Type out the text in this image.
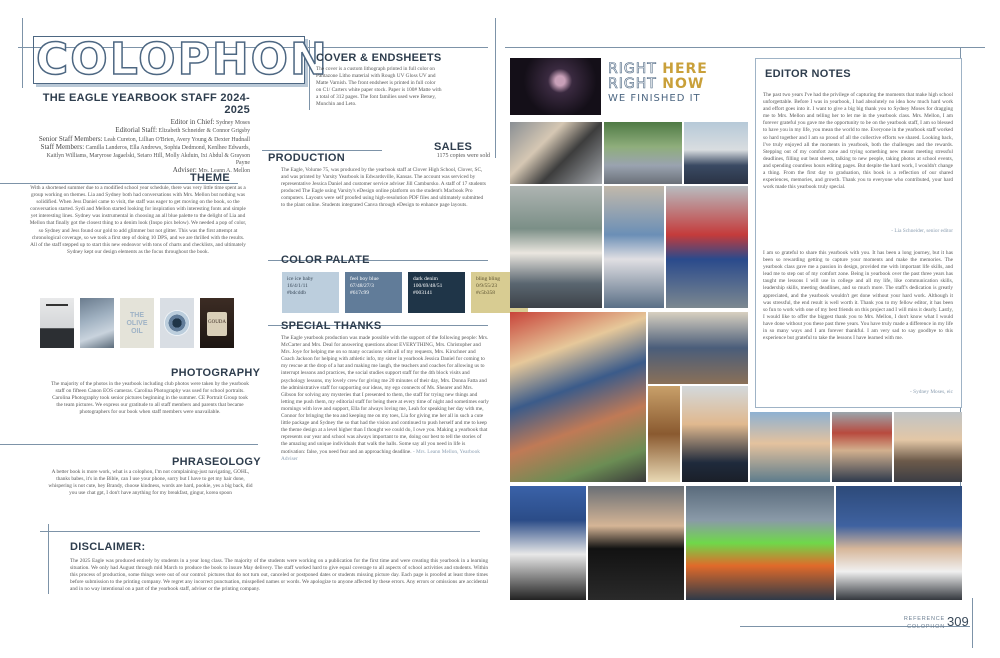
COLOPHON
THE EAGLE YEARBOOK STAFF 2024- 2025

Editor in Chief: Sydney Moses

Editorial Staff: Elizabeth Schneider & Connor Grigsby

Senior Staff Members: Leah Cureton, Lillian O'Brien, Avery Young & Dexter Hudnall

Staff Members: Camilla Landeros, Ella Andrews, Sophia Dedmond, Kenlhee Edwards, Kaitlyn Williams, Maryrose Jagaelski, Seiaro Hill, Molly Akduin, Ixi Abdul & Grayson Payne

Adviser: Mrs. Leann A. Mellon

THEME
With a shortened summer due to a modified school year schedule, there was very little time spent as a group working on themes. Lia and Sydney both had conversations with Mrs. Mellon but nothing was solidified. When Jess Daniel came to visit, the staff was eager to get moving on the book, so the conversation started. Sydi and Mellon started looking for inspiration with interesting fonts and simple yet interesting lines. Sydney was instrumental in choosing an all blue palette to the delight of Lia and Mellon that finally got the closest thing to a denim look (Inspo pics below). We needed a pop of color, so Sydney and Jess found our gold to add glimmer but not glitter. This was the first attempt at chronological coverage, so we took a first step of doing 10 DPS, and we are thrilled with the results. All of the staff stepped up to start this new endeavor with tons of charts and checklists, and ultimately Sydney kept our design elements as the focus throughout the book.
THE OLIVE OIL
GOUDA
PHOTOGRAPHY
The majority of the photos in the yearbook including club photos were taken by the yearbook staff on fifteen Canon EOS cameras. Carolina Photography was used for school portraits. Carolina Photography took senior pictures beginning in the summer. CE Portrait Group took the team pictures. We express our gratitude to all staff members and parents that became photographers for our book when staff members were unavailable.
PHRASEOLOGY
A better book is more work, what is a colophon, I'm not complaining-just navigating, GOHL, thanks babes, it's in the Bible, can I use your phone, sorry but I have to get my hair done, whispering is not cute, hey Brandy, choose kindness, words are hard, pookie, yes a big back, did you use chat gpt, I don't have anything for my breakfast, gingur, korea spoon
DISCLAIMER:
The 2025 Eagle was produced entirely by students in a year long class. The majority of the students were working on a publication for the first time and were creating this yearbook in a learning situation. We only had August through mid March to produce the book to insure May delivery. The staff worked hard to give equal coverage to all aspects of school activities and students. Within this process of production, some things were out of our control: pictures that do not turn out, canceled or postponed dates or students missing picture day. Each page is proofed at least three times before submission to the printing company. We regret any incorrect punctuation, misspelled names or words. We apologize to anyone affected by these errors. Any errors or omissions are accidental and in no way intentional on a part of the yearbook staff, adviser or the printing company.
COVER & ENDSHEETS
The cover is a custom lithograph printed in full color on Pantazone Litho material with Rough UV Gloss UV and Matte Varnish. The front endsheet is printed in full color on C1/ Carters white paper stock. Paper is 100# Matte with a total of 312 pages. The font families used were Betsey, Munchin and Leto.
SALES
1175 copies were sold
PRODUCTION
The Eagle, Volume 75, was produced by the yearbook staff at Clover High School, Clover, SC, and was printed by Varsity Yearbook in Edwardsville, Kansas. The account was serviced by representative Jessica Daniel and customer service adviser Jill Cambursko. A staff of 17 students produced The Eagle using Varsity's eDesign online platform on the student's Macbook Pro computers. Layouts were self proofed using high-resolution PDF files and ultimately submitted to the plant online. Students integrated Canva through eDesign to enhance page layouts.
COLOR PALATE
ice ice baby
16/4/1/11
#bdcddb
feel boy blue
67/48/27/3
#617c99
dark denim
100/69/48/51
#003141
bling bling
0/9/55/23
#c5b358
SPECIAL THANKS
The Eagle yearbook production was made possible with the support of the following people: Mrs. McCarter and Mrs. Deal for answering questions about EVERYTHING, Mrs. Christopher and Mrs. Joye for helping me on so many occasions with all of my requests, Mrs. Kirschner and Coach Jackson for helping with athletic info, my sister in yearbook Jessica Daniel for coming to my rescue at the drop of a hat and making me laugh, the teachers and coaches for allowing us to interrupt lessons and practices, the social studies support staff for the 4th block visits and psychology lessons, my lovely crew for giving me 20 minutes of their day, Mrs. Donna Fatta and the administrative staff for supporting our ideas, my ego connects of Ms. Shearer and Mrs. Gibson for solving any mysteries that I presented to them, the staff for trying new things and letting me push them, my editorial staff for being there at every time of night and sometimes early mornings with love and support, Ella for always loving me, Leah for speaking her day with me, Connor for bringing the tea and keeping me on my toes, Lia for giving me her all in such a cute little package and Sydney the so that had the vision and continued to push herself and me to keep the theme design at a level higher than I thought we could do, I owe you. Making a yearbook that represents our year and school was always important to me, doing our best to tell the stories of the amazing and unique individuals that walk the halls. Some say all you need in life is motivation: false, you need fear and an approaching deadline. - Mrs. Leann Mellon, Yearbook Adviser
RIGHT HERE
RIGHT NOW
WE FINISHED IT
EDITOR NOTES
The past two years I've had the privilege of capturing the moments that make high school unforgettable. Before I was in yearbook, I had absolutely no idea how much hard work and effort goes into it. I want to give a big big thank you to Sydney Moses for dragging me to Mrs. Mellon and telling her to let me in the yearbook class. Mrs. Mellon, I am forever grateful you gave me the opportunity to be on the yearbook staff, I am so blessed to have you in my life, you mean the world to me. Everyone in the yearbook staff worked so hard together and I am so proud of all the collective efforts we shared. Looking back, I've truly enjoyed all the moments in yearbook, both the challenges and the rewards. Stepping out of my comfort zone and trying something new meant meeting stressful deadlines, filling out beat sheets, talking to new people, taking photos at school events, and spending countless hours editing pages. But despite the hard work, I wouldn't change a thing. From the first day to graduation, this book is a reflection of our shared experiences, memories, and growth. Thank you to everyone who contributed, your hard work made this yearbook truly special.
- Lia Schneider, senior editor
I am so grateful to share this yearbook with you. It has been a long journey, but it has been so rewarding getting to capture your moments and make the memories. The yearbook class gave me a passion in design, provided me with important life skills, and lead me to step out of my comfort zone. Being in yearbook over the past three years has taught me lessons I will use in college and all my life, like communication skills, leadership skills, meeting deadlines, and so much more. The staff's dedication is greatly appreciated, and the yearbook wouldn't get done without your hard work. Although it was stressful, the end result is well worth it. Thank you to my fellow editor, it has been so fun to work with one of my best friends on this project and I will miss it dearly. Lastly, I would like to offer the biggest thank you to Mrs. Mellon, I don't know what I would have done without you these past three years. You have truly made a difference in my life in so many ways and I am forever thankful. I am very sad to say goodbye to this experience but grateful to take the lessons I have learned with me.
- Sydney Moses, eic
REFERENCE
COLOPHON 309
